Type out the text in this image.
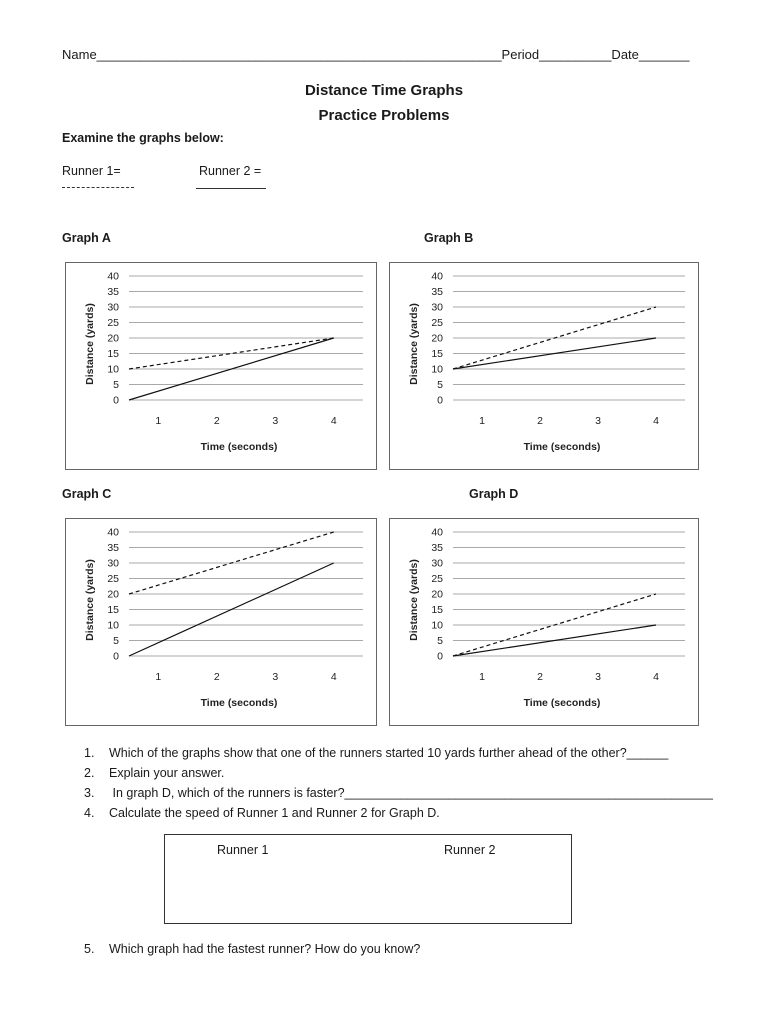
Name________________________________________________________Period__________Date_______
Distance Time Graphs
Practice Problems
Examine the graphs below:
Runner 1=	Runner 2 =
Graph A	Graph B
Graph C	Graph D
0
5
10
15
20
25
30
35
40
1	2	3	4
Time (seconds)
Distance (yards)
0
5
10
15
20
25
30
35
40
1	2	3	4
Time (seconds)
Distance (yards)
0
5
10
15
20
25
30
35
40
1	2	3	4
Time (seconds)
Distance (yards)
0
5
10
15
20
25
30
35
40
1	2	3	4
Time (seconds)
Distance (yards)
1. Which of the graphs show that one of the runners started 10 yards further ahead of the other?______
2. Explain your answer.
3. In graph D, which of the runners is faster?_____________________________________________________
4. Calculate the speed of Runner 1 and Runner 2 for Graph D.
Runner 1	Runner 2
5. Which graph had the fastest runner? How do you know?
